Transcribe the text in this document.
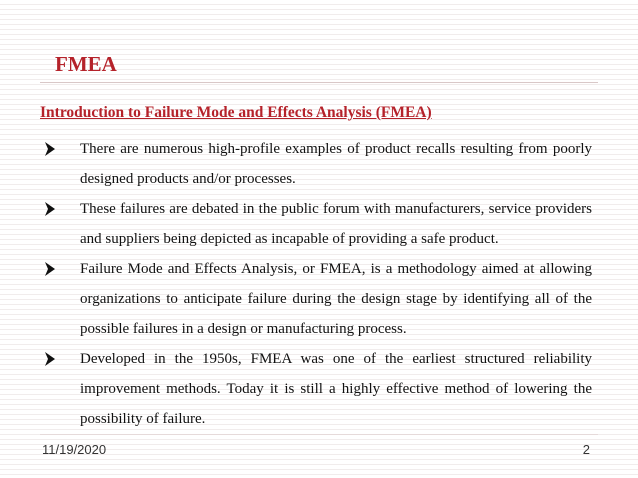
FMEA
Introduction to Failure Mode and Effects Analysis (FMEA)
There are numerous high-profile examples of product recalls resulting from poorly designed products and/or processes.
These failures are debated in the public forum with manufacturers, service providers and suppliers being depicted as incapable of providing a safe product.
Failure Mode and Effects Analysis, or FMEA, is a methodology aimed at allowing organizations to anticipate failure during the design stage by identifying all of the possible failures in a design or manufacturing process.
Developed in the 1950s, FMEA was one of the earliest structured reliability improvement methods. Today it is still a highly effective method of lowering the possibility of failure.
11/19/2020	2
